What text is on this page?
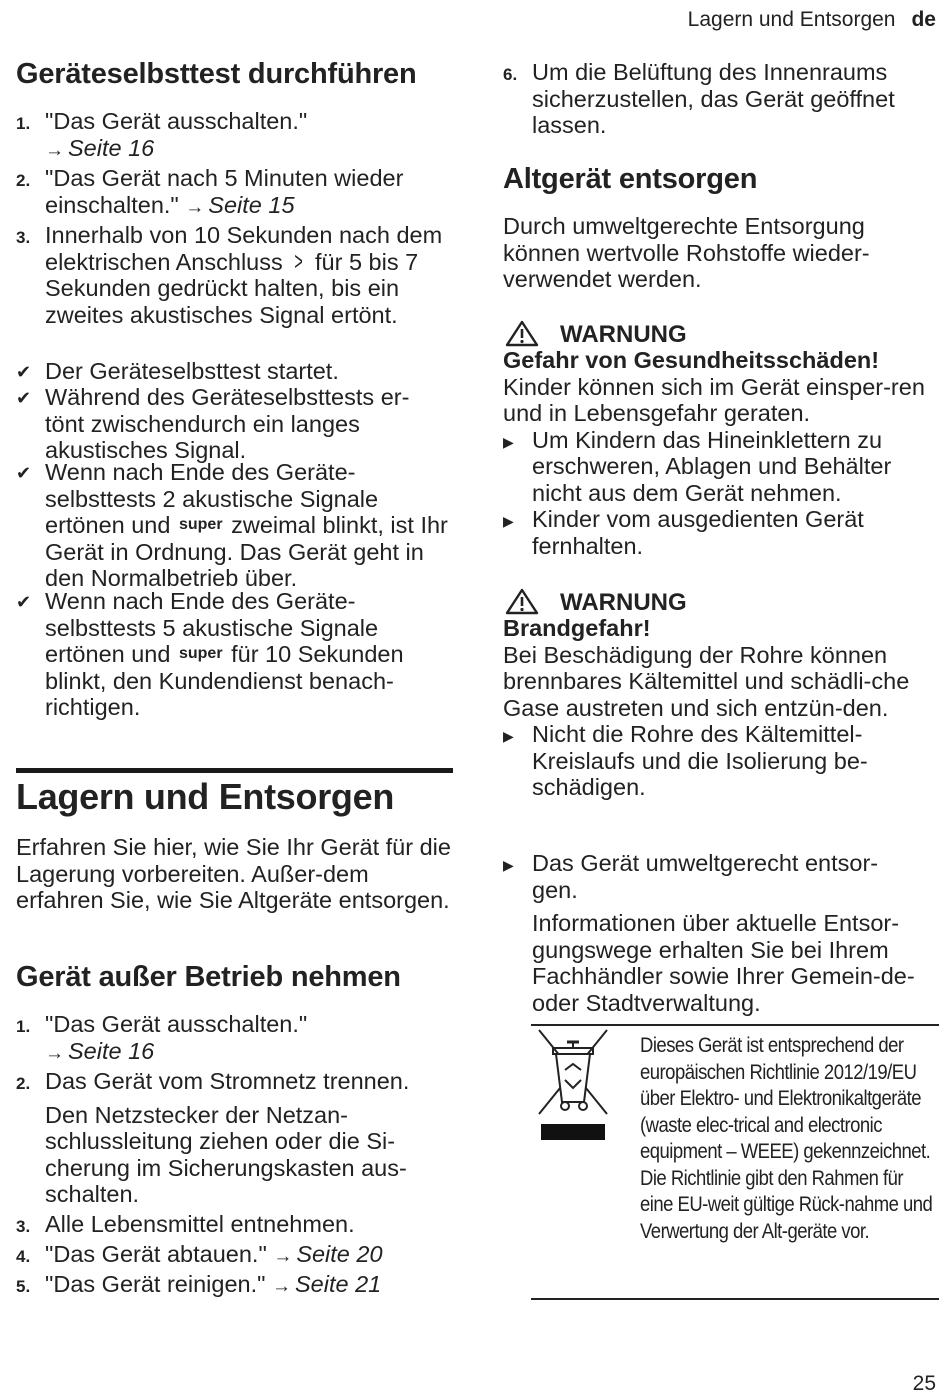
Lagern und Entsorgen de
Geräteselbsttest durchführen
1. "Das Gerät ausschalten."
→ Seite 16
2. "Das Gerät nach 5 Minuten wieder einschalten." → Seite 15
3. Innerhalb von 10 Sekunden nach dem elektrischen Anschluss > für 5 bis 7 Sekunden gedrückt halten, bis ein zweites akustisches Signal ertönt.
✔ Der Geräteselbsttest startet.
✔ Während des Geräteselbsttests er-tönt zwischendurch ein langes akustisches Signal.
✔ Wenn nach Ende des Geräte-selbsttests 2 akustische Signale ertönen und super zweimal blinkt, ist Ihr Gerät in Ordnung. Das Gerät geht in den Normalbetrieb über.
✔ Wenn nach Ende des Geräte-selbsttests 5 akustische Signale ertönen und super für 10 Sekunden blinkt, den Kundendienst benach-richtigen.
Lagern und Entsorgen
Erfahren Sie hier, wie Sie Ihr Gerät für die Lagerung vorbereiten. Außer-dem erfahren Sie, wie Sie Altgeräte entsorgen.
Gerät außer Betrieb nehmen
1. "Das Gerät ausschalten."
→ Seite 16
2. Das Gerät vom Stromnetz trennen.
Den Netzstecker der Netzan-schlussleitung ziehen oder die Si-cherung im Sicherungskasten aus-schalten.
3. Alle Lebensmittel entnehmen.
4. "Das Gerät abtauen." → Seite 20
5. "Das Gerät reinigen." → Seite 21
6. Um die Belüftung des Innenraums sicherzustellen, das Gerät geöffnet lassen.
Altgerät entsorgen
Durch umweltgerechte Entsorgung können wertvolle Rohstoffe wieder-verwendet werden.
WARNUNG
Gefahr von Gesundheitsschäden!
Kinder können sich im Gerät einsper-ren und in Lebensgefahr geraten.
▶ Um Kindern das Hineinklettern zu erschweren, Ablagen und Behälter nicht aus dem Gerät nehmen.
▶ Kinder vom ausgedienten Gerät fernhalten.
WARNUNG
Brandgefahr!
Bei Beschädigung der Rohre können brennbares Kältemittel und schädli-che Gase austreten und sich entzün-den.
▶ Nicht die Rohre des Kältemittel-Kreislaufs und die Isolierung be-schädigen.
▶ Das Gerät umweltgerecht entsor-gen.
Informationen über aktuelle Entsor-gungswege erhalten Sie bei Ihrem Fachhändler sowie Ihrer Gemein-de- oder Stadtverwaltung.
Dieses Gerät ist entsprechend der europäischen Richtlinie 2012/19/EU über Elektro- und Elektronikaltgeräte (waste elec-trical and electronic equipment – WEEE) gekennzeichnet.
Die Richtlinie gibt den Rahmen für eine EU-weit gültige Rück-nahme und Verwertung der Alt-geräte vor.
25
